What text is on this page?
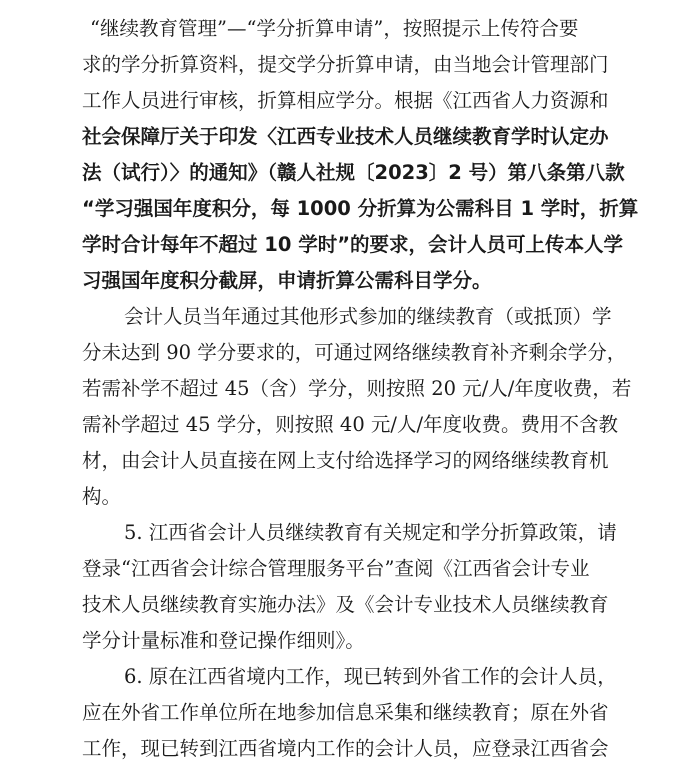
“继续教育管理”—“学分折算申请”，按照提示上传符合要
求的学分折算资料，提交学分折算申请，由当地会计管理部门
工作人员进行审核，折算相应学分。根据《江西省人力资源和
社会保障厅关于印发〈江西专业技术人员继续教育学时认定办
法（试行）〉的通知》（赣人社规〔2023〕2 号）第八条第八款
“学习强国年度积分，每 1000 分折算为公需科目 1 学时，折算
学时合计每年不超过 10 学时”的要求，会计人员可上传本人学
习强国年度积分截屏，申请折算公需科目学分。
会计人员当年通过其他形式参加的继续教育（或抵顶）学
分未达到 90 学分要求的，可通过网络继续教育补齐剩余学分，
若需补学不超过 45（含）学分，则按照 20 元/人/年度收费，若
需补学超过 45 学分，则按照 40 元/人/年度收费。费用不含教
材，由会计人员直接在网上支付给选择学习的网络继续教育机
构。
5. 江西省会计人员继续教育有关规定和学分折算政策，请
登录“江西省会计综合管理服务平台”查阅《江西省会计专业
技术人员继续教育实施办法》及《会计专业技术人员继续教育
学分计量标准和登记操作细则》。
6. 原在江西省境内工作，现已转到外省工作的会计人员，
应在外省工作单位所在地参加信息采集和继续教育；原在外省
工作，现已转到江西省境内工作的会计人员，应登录江西省会
